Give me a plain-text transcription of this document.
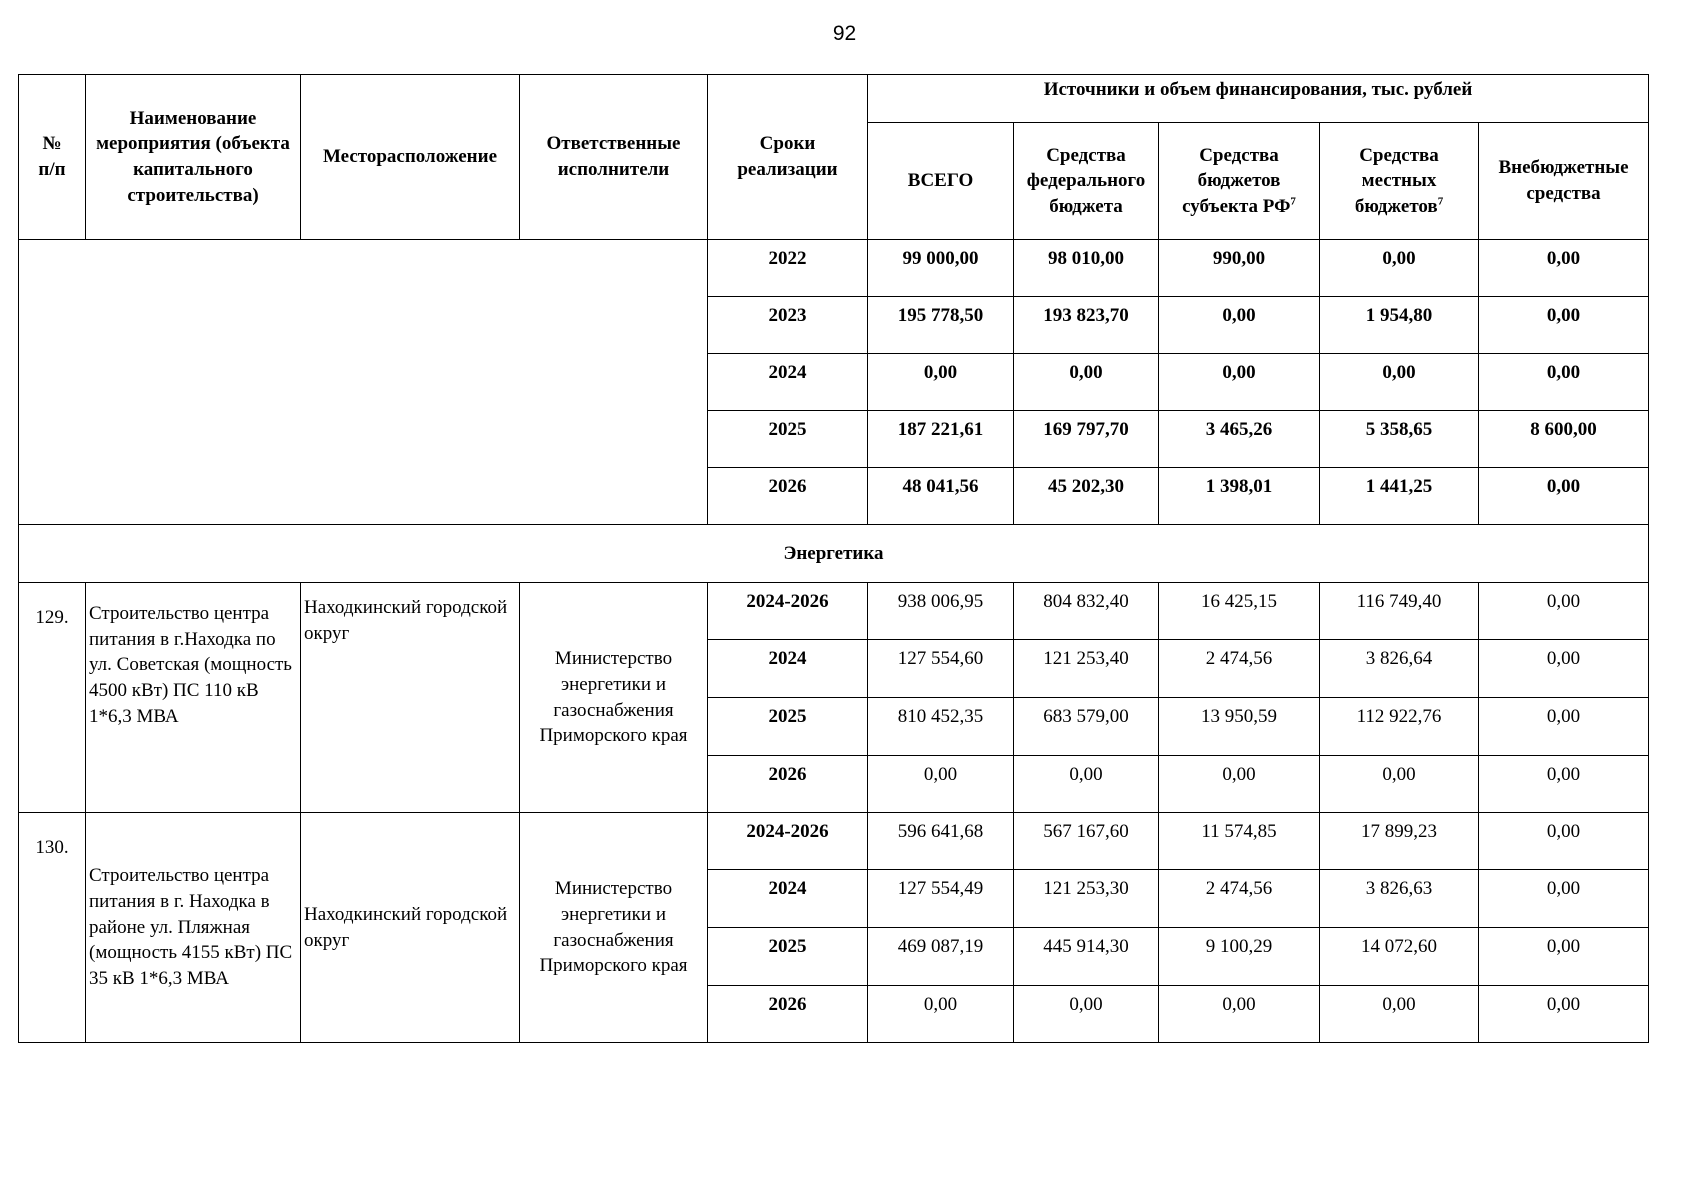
92
№
п/п	Наименование мероприятия (объекта капитального строительства)	Месторасположение	Ответственные исполнители	Сроки реализации	Источники и объем финансирования, тыс. рублей				
					ВСЕГО	Средства федерального бюджета	Средства бюджетов субъекта $РФ^7$	Средства местных бюджетов$^7$	Внебюджетные средства
				2022	99 000,00	98 010,00	990,00	0,00	0,00
				2023	195 778,50	193 823,70	0,00	1 954,80	0,00
				2024	0,00	0,00	0,00	0,00	0,00
				2025	187 221,61	169 797,70	3 465,26	5 358,65	8 600,00
				2026	48 041,56	45 202,30	1 398,01	1 441,25	0,00
Энергетика									
129.	Строительство центра питания в г.Находка по ул. Советская (мощность 4500 кВт) ПС 110 кВ 1*6,3 МВА	Находкинский городской округ	Министерство энергетики и газоснабжения Приморского края	2024-2026	938 006,95	804 832,40	16 425,15	116 749,40	0,00
				2024	127 554,60	121 253,40	2 474,56	3 826,64	0,00
				2025	810 452,35	683 579,00	13 950,59	112 922,76	0,00
				2026	0,00	0,00	0,00	0,00	0,00
130.	Строительство центра питания в г. Находка в районе ул. Пляжная (мощность 4155 кВт) ПС 35 кВ 1*6,3 МВА	Находкинский городской округ	Министерство энергетики и газоснабжения Приморского края	2024-2026	596 641,68	567 167,60	11 574,85	17 899,23	0,00
				2024	127 554,49	121 253,30	2 474,56	3 826,63	0,00
				2025	469 087,19	445 914,30	9 100,29	14 072,60	0,00
				2026	0,00	0,00	0,00	0,00	0,00
